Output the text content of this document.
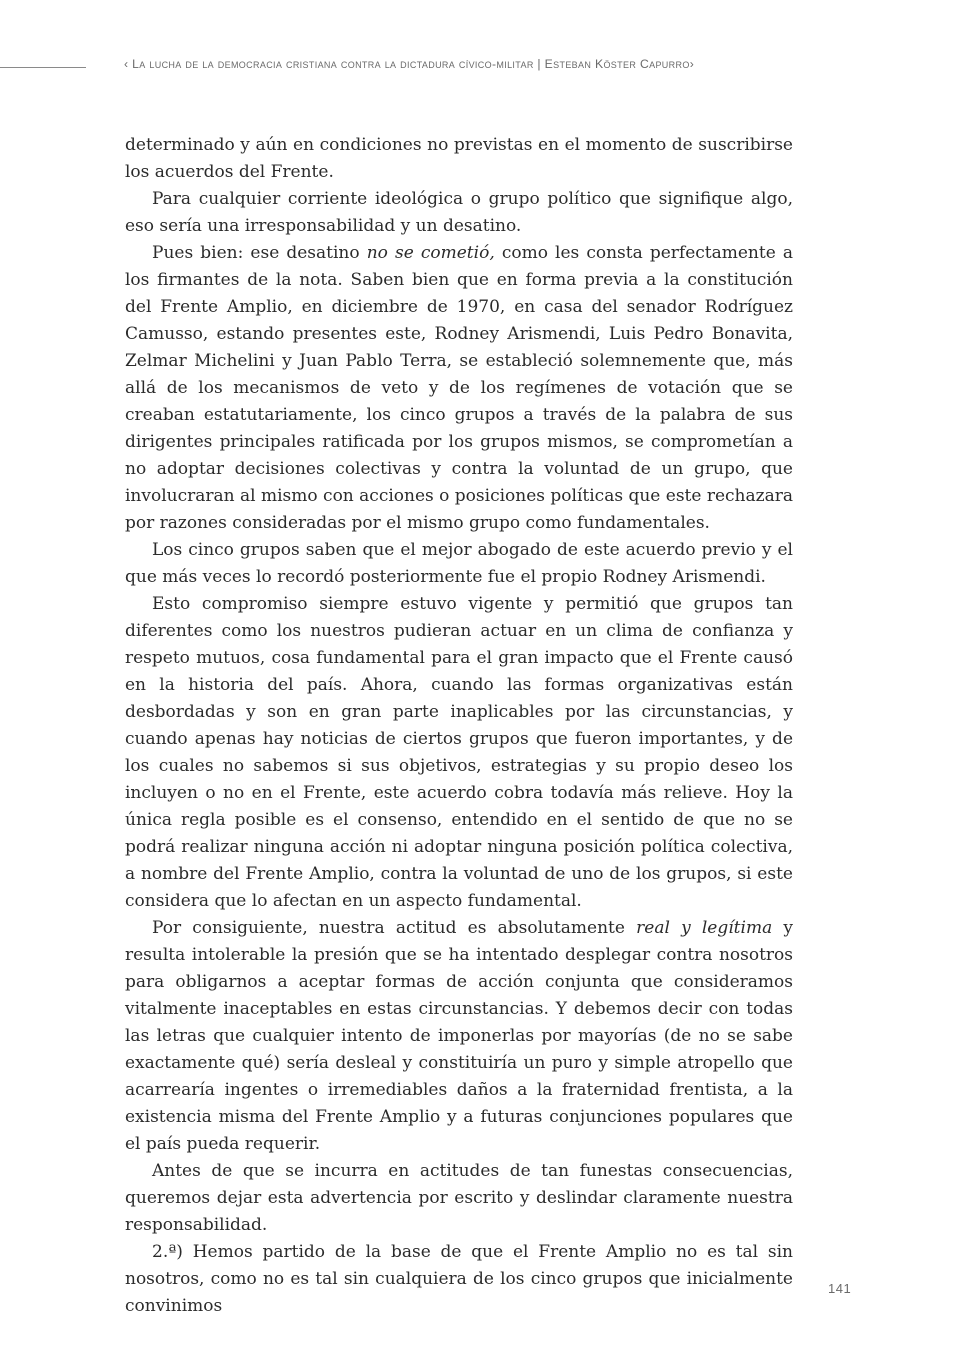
‹ La lucha de la democracia cristiana contra la dictadura cívico-militar | Esteban Köster Capurro›

determinado y aún en condiciones no previstas en el momento de suscribirse los acuerdos del Frente.

Para cualquier corriente ideológica o grupo político que signifique algo, eso sería una irresponsabilidad y un desatino.

Pues bien: ese desatino no se cometió, como les consta perfectamente a los firmantes de la nota. Saben bien que en forma previa a la constitución del Frente Amplio, en diciembre de 1970, en casa del senador Rodríguez Camusso, estando presentes este, Rodney Arismendi, Luis Pedro Bonavita, Zelmar Michelini y Juan Pablo Terra, se estableció solemnemente que, más allá de los mecanismos de veto y de los regímenes de votación que se creaban estatutariamente, los cinco grupos a través de la palabra de sus dirigentes principales ratificada por los grupos mismos, se comprometían a no adoptar decisiones colectivas y contra la voluntad de un grupo, que involucraran al mismo con acciones o posiciones políticas que este rechazara por razones consideradas por el mismo grupo como fundamentales.

Los cinco grupos saben que el mejor abogado de este acuerdo previo y el que más veces lo recordó posteriormente fue el propio Rodney Arismendi.

Esto compromiso siempre estuvo vigente y permitió que grupos tan diferentes como los nuestros pudieran actuar en un clima de confianza y respeto mutuos, cosa fundamental para el gran impacto que el Frente causó en la historia del país. Ahora, cuando las formas organizativas están desbordadas y son en gran parte inaplicables por las circunstancias, y cuando apenas hay noticias de ciertos grupos que fueron importantes, y de los cuales no sabemos si sus objetivos, estrategias y su propio deseo los incluyen o no en el Frente, este acuerdo cobra todavía más relieve. Hoy la única regla posible es el consenso, entendido en el sentido de que no se podrá realizar ninguna acción ni adoptar ninguna posición política colectiva, a nombre del Frente Amplio, contra la voluntad de uno de los grupos, si este considera que lo afectan en un aspecto fundamental.

Por consiguiente, nuestra actitud es absolutamente real y legítima y resulta intolerable la presión que se ha intentado desplegar contra nosotros para obligarnos a aceptar formas de acción conjunta que consideramos vitalmente inaceptables en estas circunstancias. Y debemos decir con todas las letras que cualquier intento de imponerlas por mayorías (de no se sabe exactamente qué) sería desleal y constituiría un puro y simple atropello que acarrearía ingentes o irremediables daños a la fraternidad frentista, a la existencia misma del Frente Amplio y a futuras conjunciones populares que el país pueda requerir.

Antes de que se incurra en actitudes de tan funestas consecuencias, queremos dejar esta advertencia por escrito y deslindar claramente nuestra responsabilidad.

2.ª) Hemos partido de la base de que el Frente Amplio no es tal sin nosotros, como no es tal sin cualquiera de los cinco grupos que inicialmente convinimos

141
